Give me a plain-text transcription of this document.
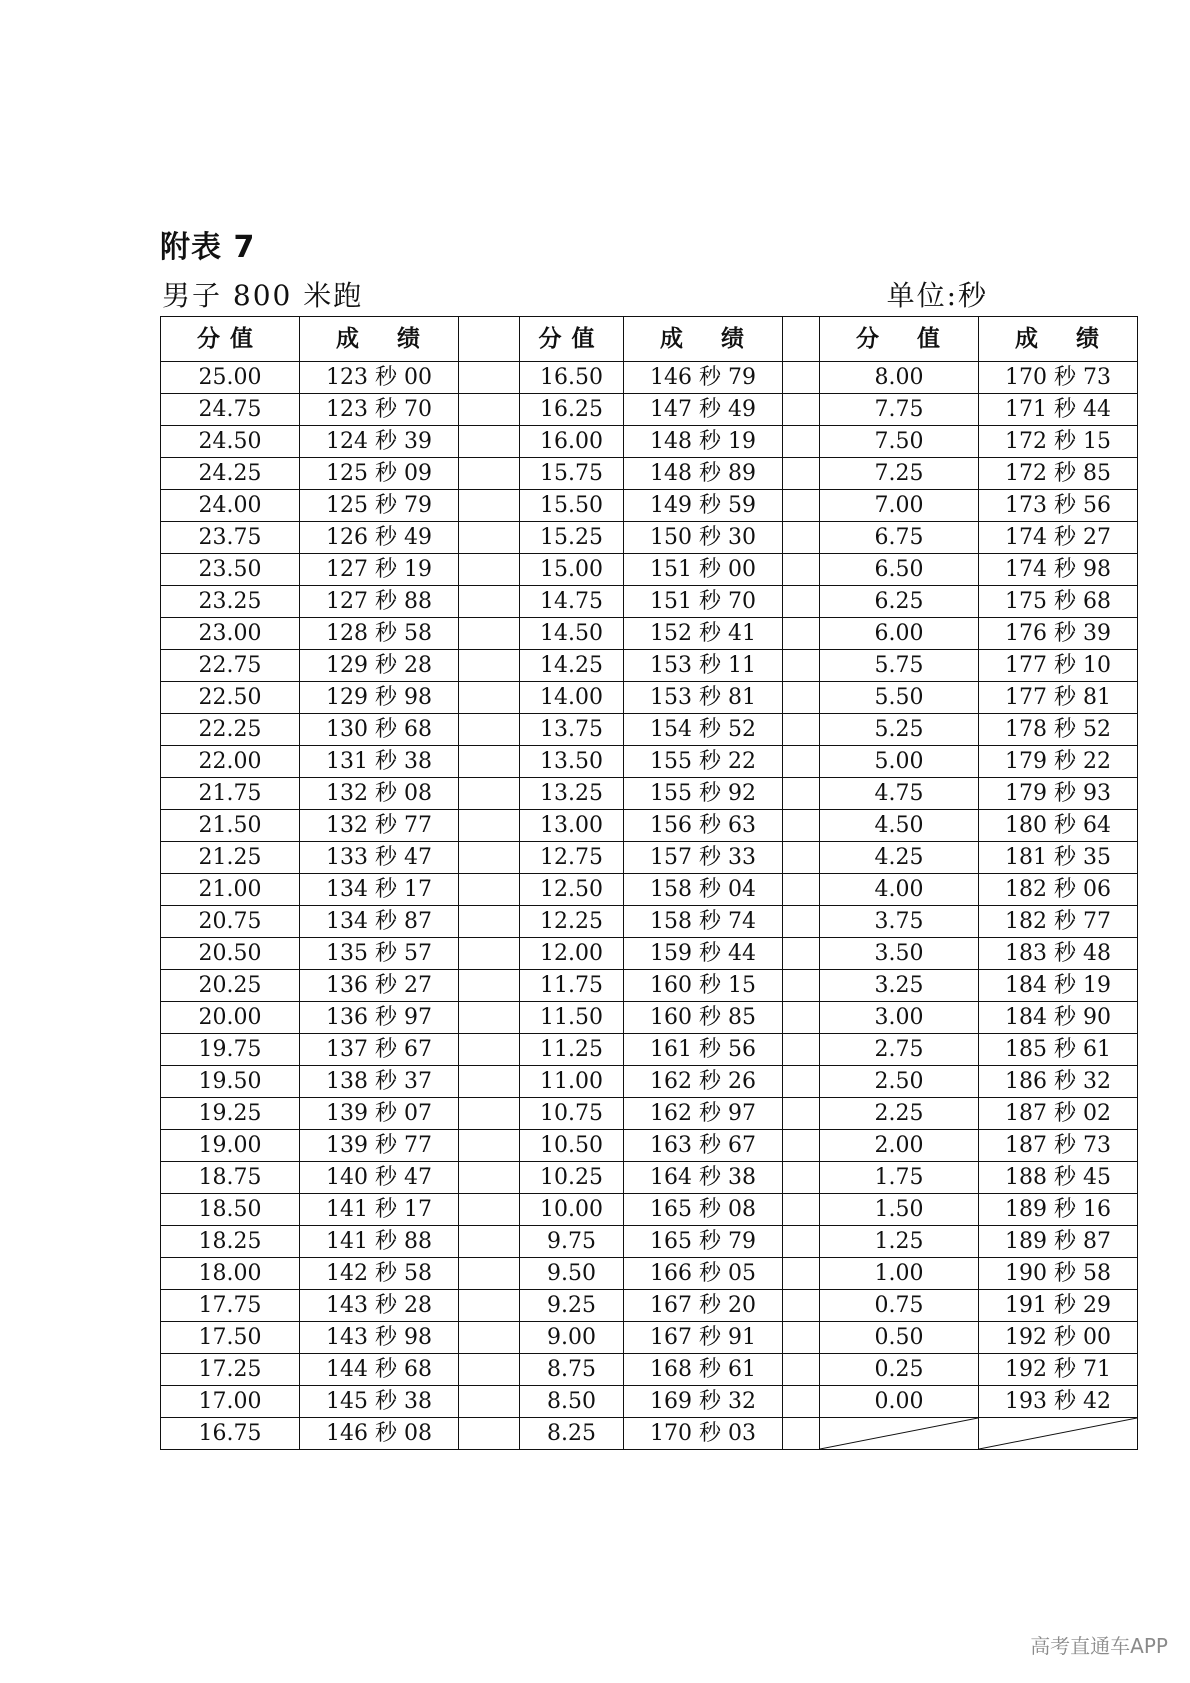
附表 7
男子 800 米跑	单位:秒
分值	成绩		分值	成绩		分值	成绩
25.00	123 秒 00		16.50	146 秒 79		8.00	170 秒 73
24.75	123 秒 70		16.25	147 秒 49		7.75	171 秒 44
24.50	124 秒 39		16.00	148 秒 19		7.50	172 秒 15
24.25	125 秒 09		15.75	148 秒 89		7.25	172 秒 85
24.00	125 秒 79		15.50	149 秒 59		7.00	173 秒 56
23.75	126 秒 49		15.25	150 秒 30		6.75	174 秒 27
23.50	127 秒 19		15.00	151 秒 00		6.50	174 秒 98
23.25	127 秒 88		14.75	151 秒 70		6.25	175 秒 68
23.00	128 秒 58		14.50	152 秒 41		6.00	176 秒 39
22.75	129 秒 28		14.25	153 秒 11		5.75	177 秒 10
22.50	129 秒 98		14.00	153 秒 81		5.50	177 秒 81
22.25	130 秒 68		13.75	154 秒 52		5.25	178 秒 52
22.00	131 秒 38		13.50	155 秒 22		5.00	179 秒 22
21.75	132 秒 08		13.25	155 秒 92		4.75	179 秒 93
21.50	132 秒 77		13.00	156 秒 63		4.50	180 秒 64
21.25	133 秒 47		12.75	157 秒 33		4.25	181 秒 35
21.00	134 秒 17		12.50	158 秒 04		4.00	182 秒 06
20.75	134 秒 87		12.25	158 秒 74		3.75	182 秒 77
20.50	135 秒 57		12.00	159 秒 44		3.50	183 秒 48
20.25	136 秒 27		11.75	160 秒 15		3.25	184 秒 19
20.00	136 秒 97		11.50	160 秒 85		3.00	184 秒 90
19.75	137 秒 67		11.25	161 秒 56		2.75	185 秒 61
19.50	138 秒 37		11.00	162 秒 26		2.50	186 秒 32
19.25	139 秒 07		10.75	162 秒 97		2.25	187 秒 02
19.00	139 秒 77		10.50	163 秒 67		2.00	187 秒 73
18.75	140 秒 47		10.25	164 秒 38		1.75	188 秒 45
18.50	141 秒 17		10.00	165 秒 08		1.50	189 秒 16
18.25	141 秒 88		9.75	165 秒 79		1.25	189 秒 87
18.00	142 秒 58		9.50	166 秒 05		1.00	190 秒 58
17.75	143 秒 28		9.25	167 秒 20		0.75	191 秒 29
17.50	143 秒 98		9.00	167 秒 91		0.50	192 秒 00
17.25	144 秒 68		8.75	168 秒 61		0.25	192 秒 71
17.00	145 秒 38		8.50	169 秒 32		0.00	193 秒 42
16.75	146 秒 08		8.25	170 秒 03		

高考直通车APP
